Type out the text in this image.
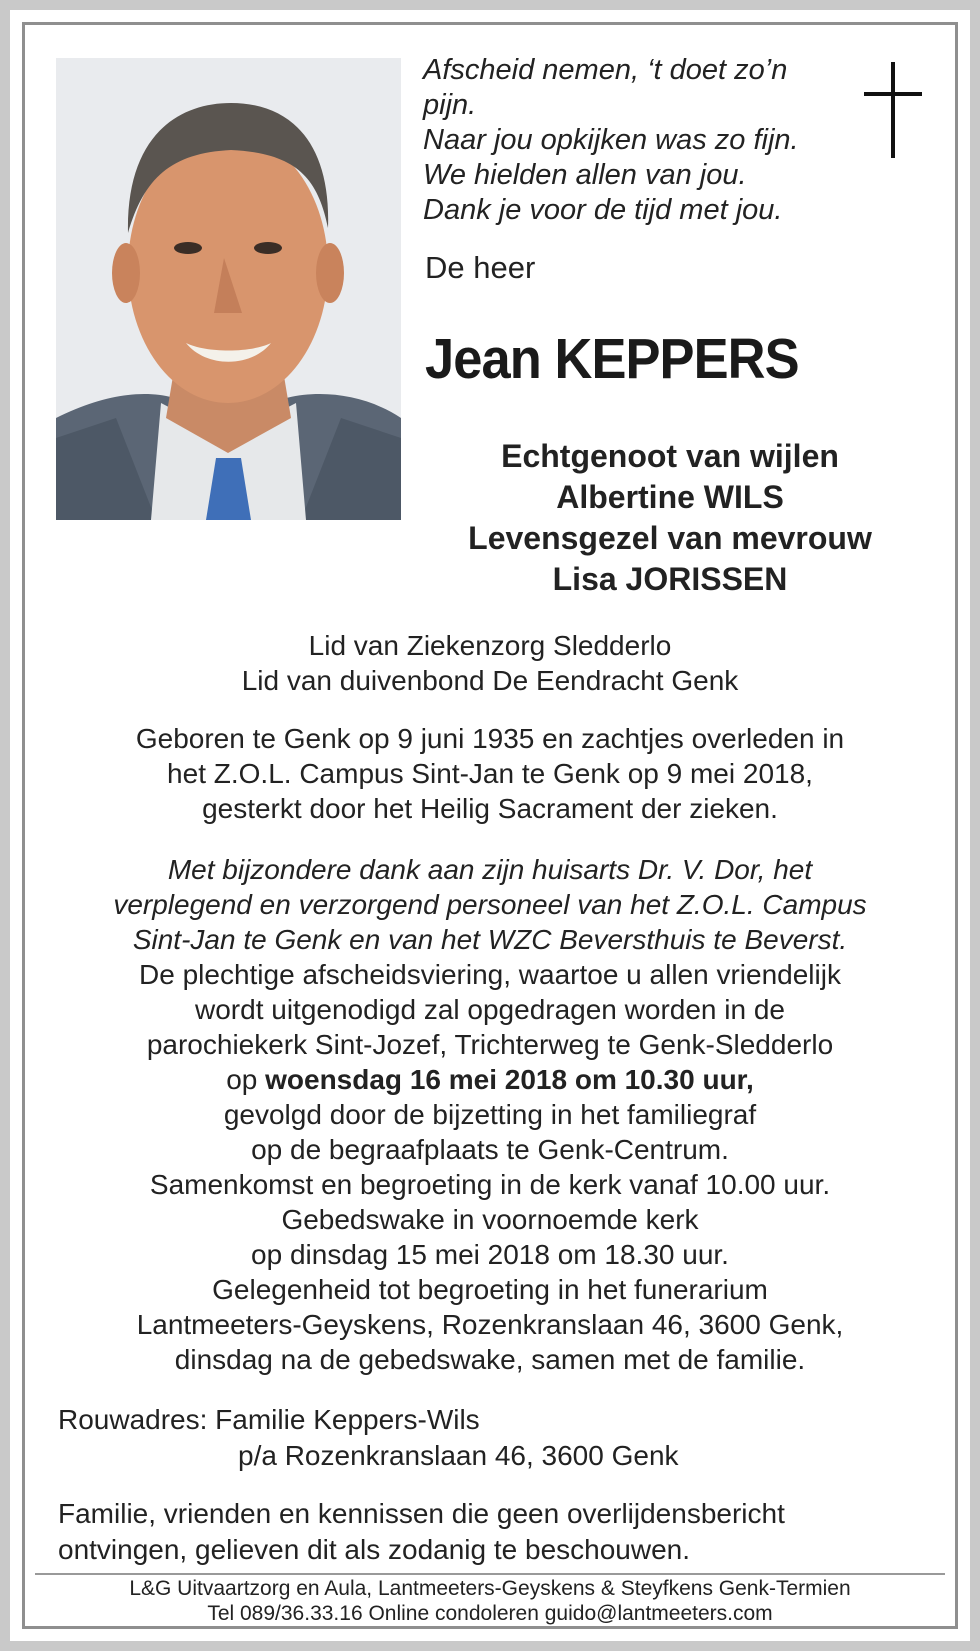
Afscheid nemen, ‘t doet zo’n
pijn.
Naar jou opkijken was zo fijn.
We hielden allen van jou.
Dank je voor de tijd met jou.
De heer
Jean KEPPERS
Echtgenoot van wijlen
Albertine WILS
Levensgezel van mevrouw
Lisa JORISSEN
Lid van Ziekenzorg Sledderlo
Lid van duivenbond De Eendracht Genk
Geboren te Genk op 9 juni 1935 en zachtjes overleden in
het Z.O.L. Campus Sint-Jan te Genk op 9 mei 2018,
gesterkt door het Heilig Sacrament der zieken.
Met bijzondere dank aan zijn huisarts Dr. V. Dor, het
verplegend en verzorgend personeel van het Z.O.L. Campus
Sint-Jan te Genk en van het WZC Beversthuis te Beverst.
De plechtige afscheidsviering, waartoe u allen vriendelijk
wordt uitgenodigd zal opgedragen worden in de
parochiekerk Sint-Jozef, Trichterweg te Genk-Sledderlo
op woensdag 16 mei 2018 om 10.30 uur,
gevolgd door de bijzetting in het familiegraf
op de begraafplaats te Genk-Centrum.
Samenkomst en begroeting in de kerk vanaf 10.00 uur.
Gebedswake in voornoemde kerk
op dinsdag 15 mei 2018 om 18.30 uur.
Gelegenheid tot begroeting in het funerarium
Lantmeeters-Geyskens, Rozenkranslaan 46, 3600 Genk,
dinsdag na de gebedswake, samen met de familie.
Rouwadres: Familie Keppers-Wils
p/a Rozenkranslaan 46, 3600 Genk
Familie, vrienden en kennissen die geen overlijdensbericht
ontvingen, gelieven dit als zodanig te beschouwen.
L&G Uitvaartzorg en Aula, Lantmeeters-Geyskens & Steyfkens Genk-Termien
Tel 089/36.33.16 Online condoleren guido@lantmeeters.com
